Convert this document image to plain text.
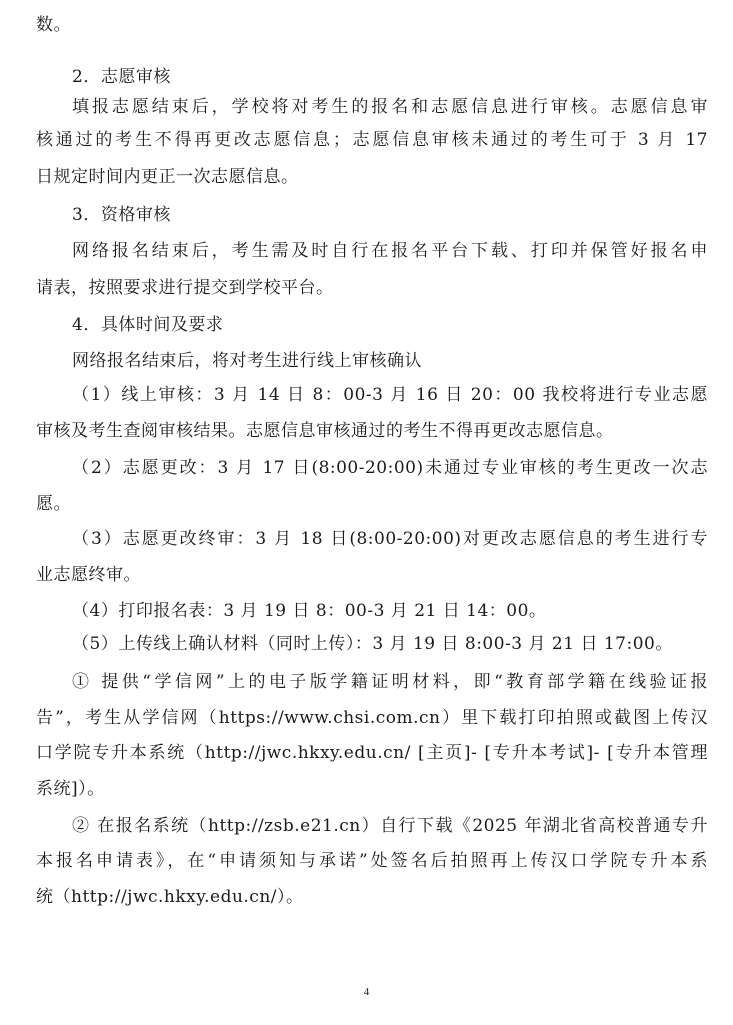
数。
2．志愿审核
填报志愿结束后，学校将对考生的报名和志愿信息进行审核。志愿信息审
核通过的考生不得再更改志愿信息；志愿信息审核未通过的考生可于 3 月 17
日规定时间内更正一次志愿信息。
3．资格审核
网络报名结束后，考生需及时自行在报名平台下载、打印并保管好报名申
请表，按照要求进行提交到学校平台。
4．具体时间及要求
网络报名结束后，将对考生进行线上审核确认
（1）线上审核：3 月 14 日 8：00-3 月 16 日 20：00 我校将进行专业志愿
审核及考生查阅审核结果。志愿信息审核通过的考生不得再更改志愿信息。
（2）志愿更改：3 月 17 日(8:00-20:00)未通过专业审核的考生更改一次志
愿。
（3）志愿更改终审：3 月 18 日(8:00-20:00)对更改志愿信息的考生进行专
业志愿终审。
（4）打印报名表：3 月 19 日 8：00-3 月 21 日 14：00。
（5）上传线上确认材料（同时上传）：3 月 19 日 8:00-3 月 21 日 17:00。
① 提供“学信网”上的电子版学籍证明材料，即“教育部学籍在线验证报
告”，考生从学信网（https://www.chsi.com.cn）里下载打印拍照或截图上传汉
口学院专升本系统（http://jwc.hkxy.edu.cn/ [主页]- [专升本考试]- [专升本管理
系统]）。
② 在报名系统（http://zsb.e21.cn）自行下载《2025 年湖北省高校普通专升
本报名申请表》，在“申请须知与承诺”处签名后拍照再上传汉口学院专升本系
统（http://jwc.hkxy.edu.cn/）。
4
